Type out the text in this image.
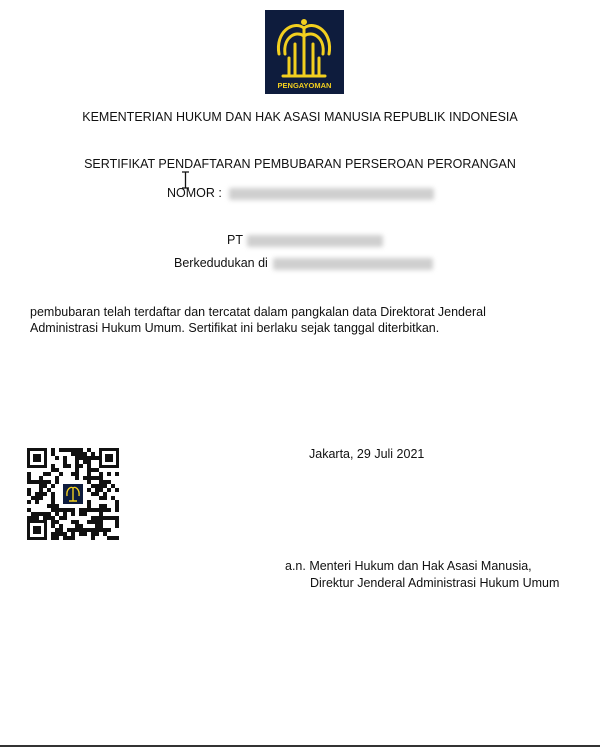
PENGAYOMAN
KEMENTERIAN HUKUM DAN HAK ASASI MANUSIA REPUBLIK INDONESIA
SERTIFIKAT PENDAFTARAN PEMBUBARAN PERSEROAN PERORANGAN
NOMOR :
PT
Berkedudukan di
pembubaran telah terdaftar dan tercatat dalam pangkalan data Direktorat Jenderal
Administrasi Hukum Umum. Sertifikat ini berlaku sejak tanggal diterbitkan.
Jakarta, 29 Juli 2021
a.n. Menteri Hukum dan Hak Asasi Manusia,
Direktur Jenderal Administrasi Hukum Umum
